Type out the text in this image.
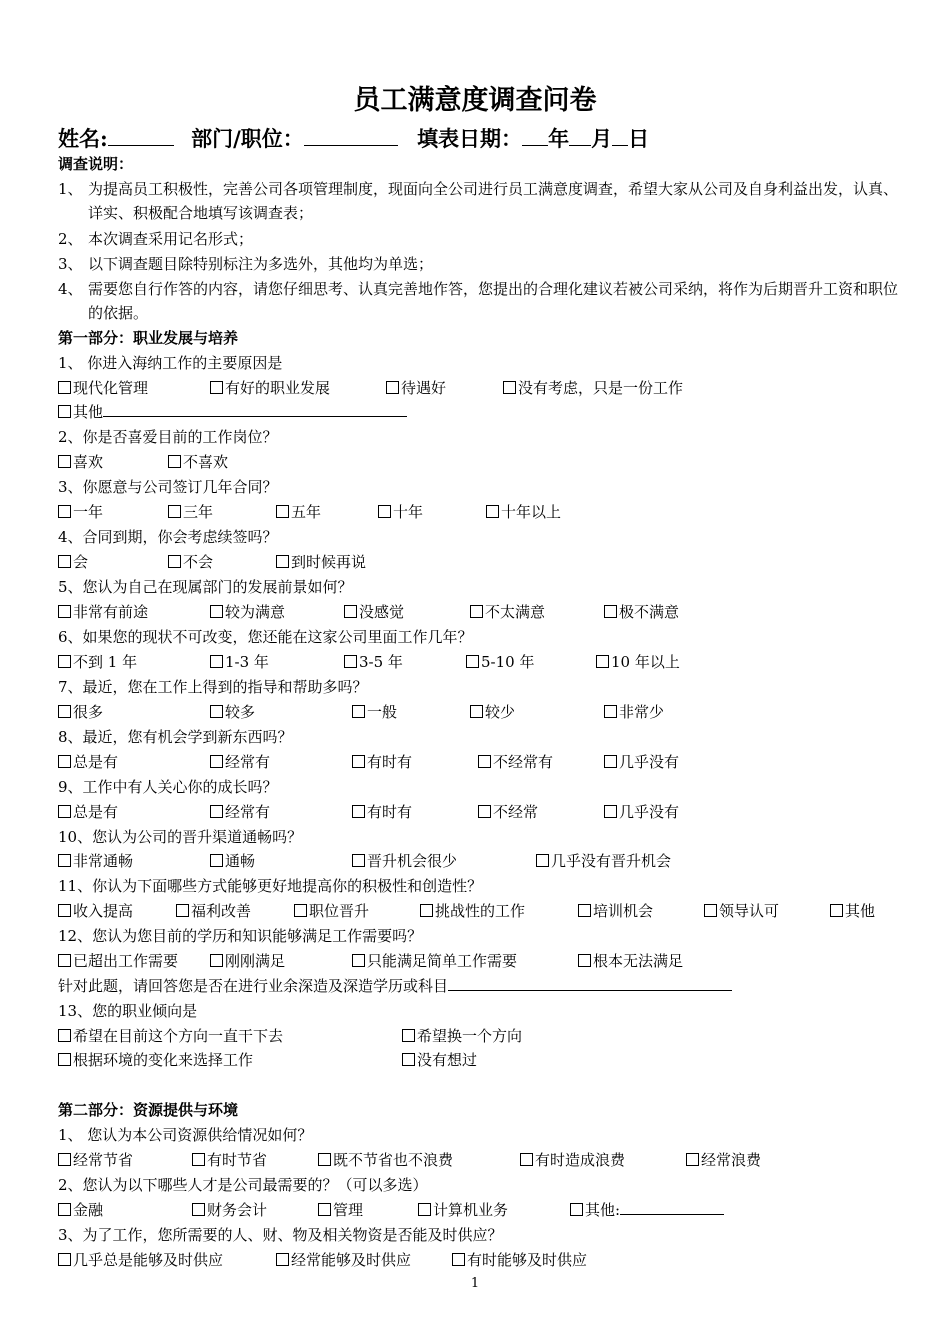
员工满意度调查问卷
姓名:	部门/职位：	填表日期： 年 月 日
调查说明：
1、 为提高员工积极性，完善公司各项管理制度，现面向全公司进行员工满意度调查，希望大家从公司及自身利益出发，认真、详实、积极配合地填写该调查表；
2、 本次调查采用记名形式；
3、 以下调查题目除特别标注为多选外，其他均为单选；
4、 需要您自行作答的内容，请您仔细思考、认真完善地作答，您提出的合理化建议若被公司采纳，将作为后期晋升工资和职位的依据。
第一部分：职业发展与培养
1、 你进入海纳工作的主要原因是
现代化管理	有好的职业发展	待遇好	没有考虑，只是一份工作
其他
2、你是否喜爱目前的工作岗位？
喜欢	不喜欢
3、你愿意与公司签订几年合同？
一年	三年	五年	十年	十年以上
4、合同到期，你会考虑续签吗？
会	不会	到时候再说
5、您认为自己在现属部门的发展前景如何？
非常有前途	较为满意	没感觉	不太满意	极不满意
6、如果您的现状不可改变，您还能在这家公司里面工作几年？
不到 1 年	1-3 年	3-5 年	5-10 年	10 年以上
7、最近，您在工作上得到的指导和帮助多吗？
很多	较多	一般	较少	非常少
8、最近，您有机会学到新东西吗？
总是有	经常有	有时有	不经常有	几乎没有
9、工作中有人关心你的成长吗？
总是有	经常有	有时有	不经常	几乎没有
10、您认为公司的晋升渠道通畅吗？
非常通畅	通畅	晋升机会很少	几乎没有晋升机会
11、你认为下面哪些方式能够更好地提高你的积极性和创造性？
收入提高	福利改善	职位晋升	挑战性的工作	培训机会	领导认可	其他
12、您认为您目前的学历和知识能够满足工作需要吗？
已超出工作需要	刚刚满足	只能满足简单工作需要	根本无法满足
针对此题，请回答您是否在进行业余深造及深造学历或科目
13、您的职业倾向是
希望在目前这个方向一直干下去	希望换一个方向
根据环境的变化来选择工作	没有想过
第二部分：资源提供与环境
1、 您认为本公司资源供给情况如何？
经常节省	有时节省	既不节省也不浪费	有时造成浪费	经常浪费
2、您认为以下哪些人才是公司最需要的？（可以多选）
金融	财务会计	管理	计算机业务	其他:
3、为了工作，您所需要的人、财、物及相关物资是否能及时供应？
几乎总是能够及时供应	经常能够及时供应	有时能够及时供应
1
